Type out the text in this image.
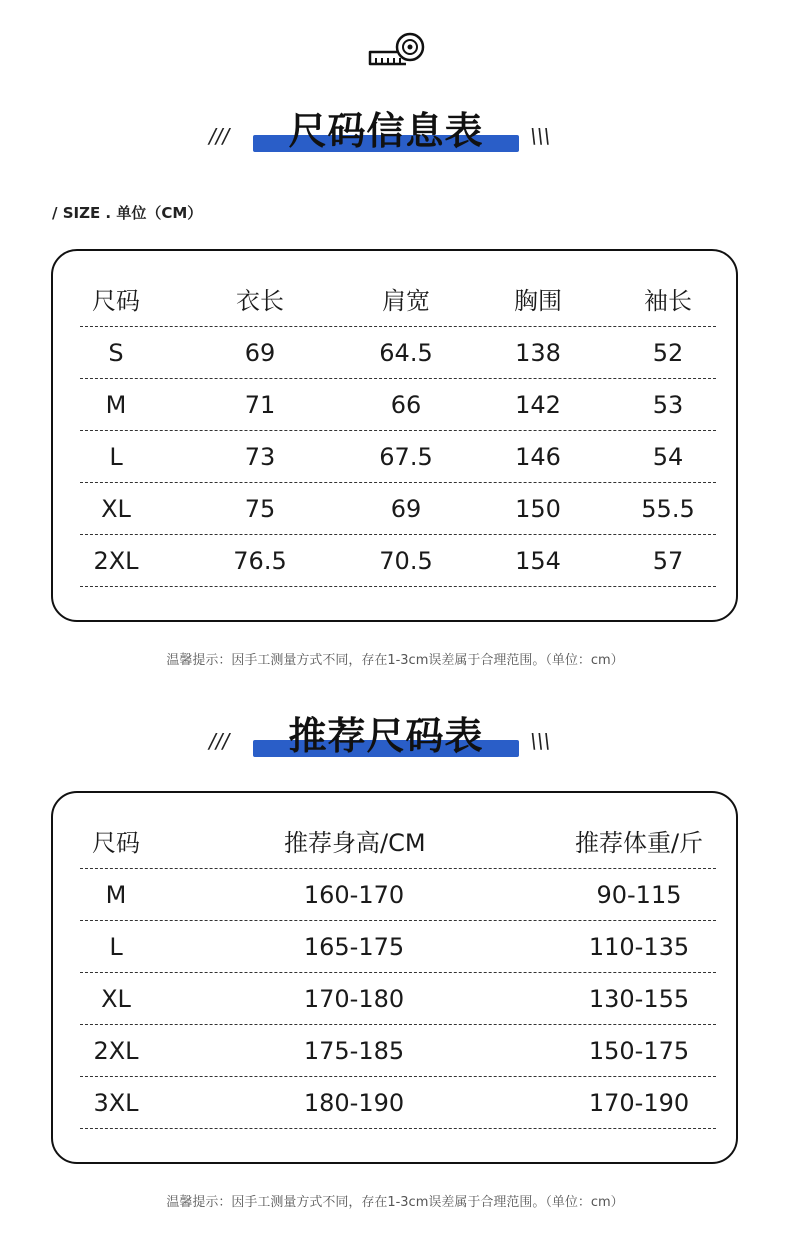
///	尺码信息表	\\\
/ SIZE . 单位（CM）
尺码	衣长	肩宽	胸围	袖长
S	69	64.5	138	52
M	71	66	142	53
L	73	67.5	146	54
XL	75	69	150	55.5
2XL	76.5	70.5	154	57
温馨提示：因手工测量方式不同，存在1-3cm误差属于合理范围。（单位：cm）
///	推荐尺码表	\\\
尺码	推荐身高/CM	推荐体重/斤
M	160-170	90-115
L	165-175	110-135
XL	170-180	130-155
2XL	175-185	150-175
3XL	180-190	170-190
温馨提示：因手工测量方式不同，存在1-3cm误差属于合理范围。（单位：cm）
